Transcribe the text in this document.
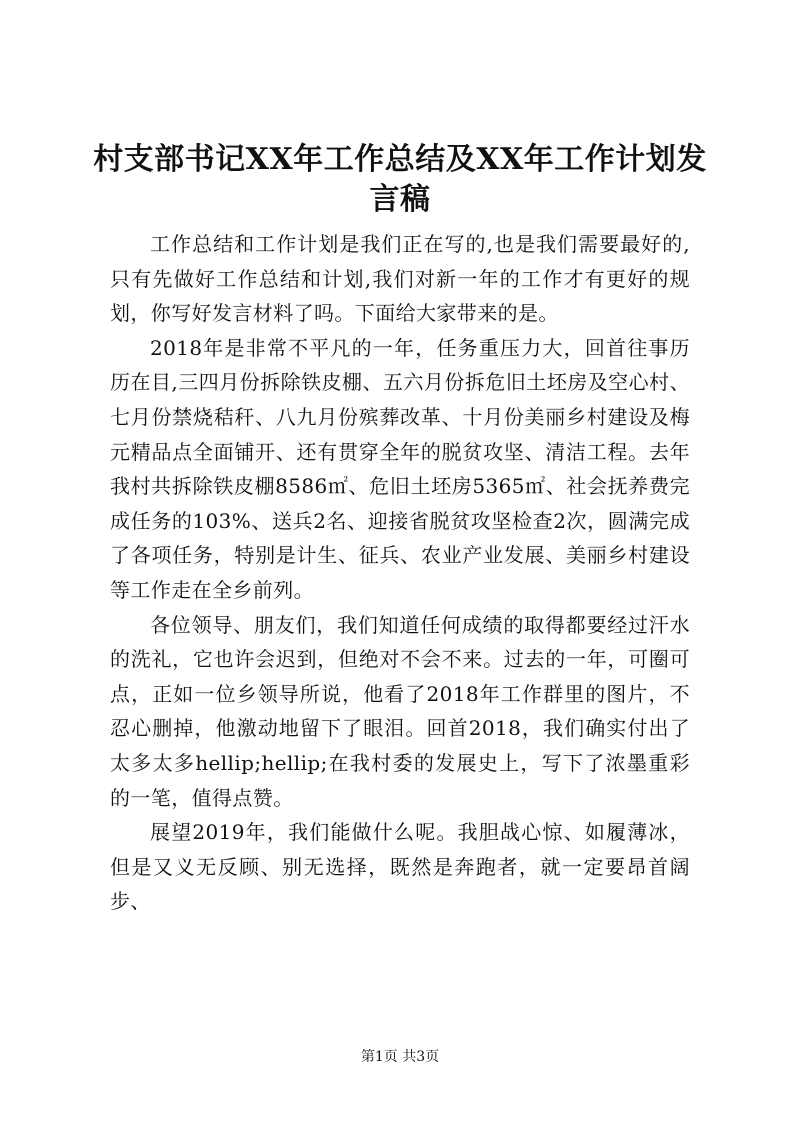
村支部书记XX年工作总结及XX年工作计划发言稿

工作总结和工作计划是我们正在写的,也是我们需要最好的,只有先做好工作总结和计划,我们对新一年的工作才有更好的规划，你写好发言材料了吗。下面给大家带来的是。

2018年是非常不平凡的一年，任务重压力大，回首往事历历在目,三四月份拆除铁皮棚、五六月份拆危旧土坯房及空心村、七月份禁烧秸秆、八九月份殡葬改革、十月份美丽乡村建设及梅元精品点全面铺开、还有贯穿全年的脱贫攻坚、清洁工程。去年我村共拆除铁皮棚8586㎡、危旧土坯房5365㎡、社会抚养费完成任务的103%、送兵2名、迎接省脱贫攻坚检查2次，圆满完成了各项任务，特别是计生、征兵、农业产业发展、美丽乡村建设等工作走在全乡前列。

各位领导、朋友们，我们知道任何成绩的取得都要经过汗水的洗礼，它也许会迟到，但绝对不会不来。过去的一年，可圈可点，正如一位乡领导所说，他看了2018年工作群里的图片，不忍心删掉，他激动地留下了眼泪。回首2018，我们确实付出了太多太多hellip;hellip;在我村委的发展史上，写下了浓墨重彩的一笔，值得点赞。

展望2019年，我们能做什么呢。我胆战心惊、如履薄冰，但是又义无反顾、别无选择，既然是奔跑者，就一定要昂首阔步、

第1页 共3页
